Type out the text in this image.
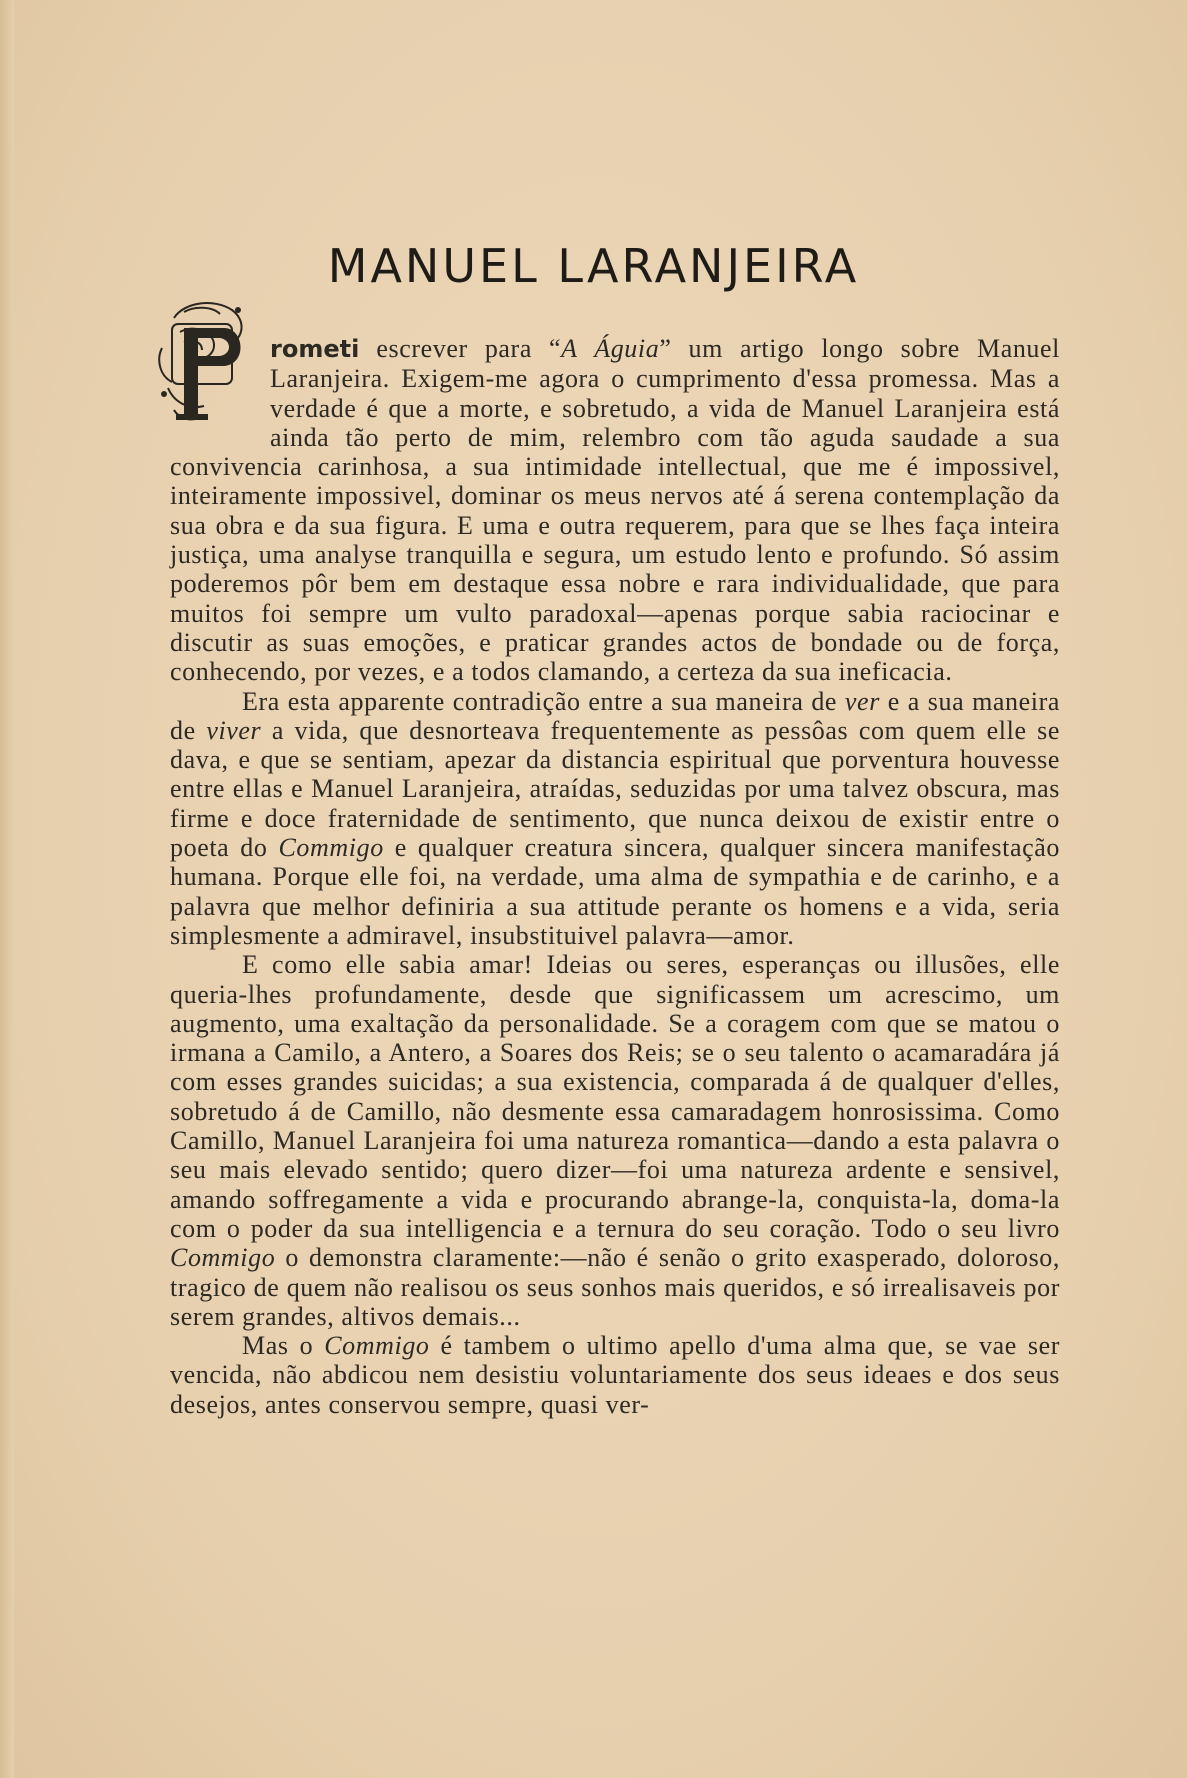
MANUEL LARANJEIRA

rometi escrever para “A Águia” um artigo longo sobre Manuel Laranjeira. Exigem-me agora o cumprimento d'essa promessa. Mas a verdade é que a morte, e sobretudo, a vida de Manuel Laranjeira está ainda tão perto de mim, relembro com tão aguda saudade a sua convivencia carinhosa, a sua intimidade intellectual, que me é impossivel, inteiramente impossivel, dominar os meus nervos até á serena contemplação da sua obra e da sua figura. E uma e outra requerem, para que se lhes faça inteira justiça, uma analyse tranquilla e segura, um estudo lento e profundo. Só assim poderemos pôr bem em destaque essa nobre e rara individualidade, que para muitos foi sempre um vulto paradoxal—apenas porque sabia raciocinar e discutir as suas emoções, e praticar grandes actos de bondade ou de força, conhecendo, por vezes, e a todos clamando, a certeza da sua ineficacia.

Era esta apparente contradição entre a sua maneira de ver e a sua maneira de viver a vida, que desnorteava frequentemente as pessôas com quem elle se dava, e que se sentiam, apezar da distancia espiritual que porventura houvesse entre ellas e Manuel Laranjeira, atraídas, seduzidas por uma talvez obscura, mas firme e doce fraternidade de sentimento, que nunca deixou de existir entre o poeta do Commigo e qualquer creatura sincera, qualquer sincera manifestação humana. Porque elle foi, na verdade, uma alma de sympathia e de carinho, e a palavra que melhor definiria a sua attitude perante os homens e a vida, seria simplesmente a admiravel, insubstituivel palavra—amor.

E como elle sabia amar! Ideias ou seres, esperanças ou illusões, elle queria-lhes profundamente, desde que significassem um acrescimo, um augmento, uma exaltação da personalidade. Se a coragem com que se matou o irmana a Camilo, a Antero, a Soares dos Reis; se o seu talento o acamaradára já com esses grandes suicidas; a sua existencia, comparada á de qualquer d'elles, sobretudo á de Camillo, não desmente essa camaradagem honrosissima. Como Camillo, Manuel Laranjeira foi uma natureza romantica—dando a esta palavra o seu mais elevado sentido; quero dizer—foi uma natureza ardente e sensivel, amando soffregamente a vida e procurando abrange-la, conquista-la, doma-la com o poder da sua intelligencia e a ternura do seu coração. Todo o seu livro Commigo o demonstra claramente:—não é senão o grito exasperado, doloroso, tragico de quem não realisou os seus sonhos mais queridos, e só irrealisaveis por serem grandes, altivos demais...

Mas o Commigo é tambem o ultimo apello d'uma alma que, se vae ser vencida, não abdicou nem desistiu voluntariamente dos seus ideaes e dos seus desejos, antes conservou sempre, quasi ver-
